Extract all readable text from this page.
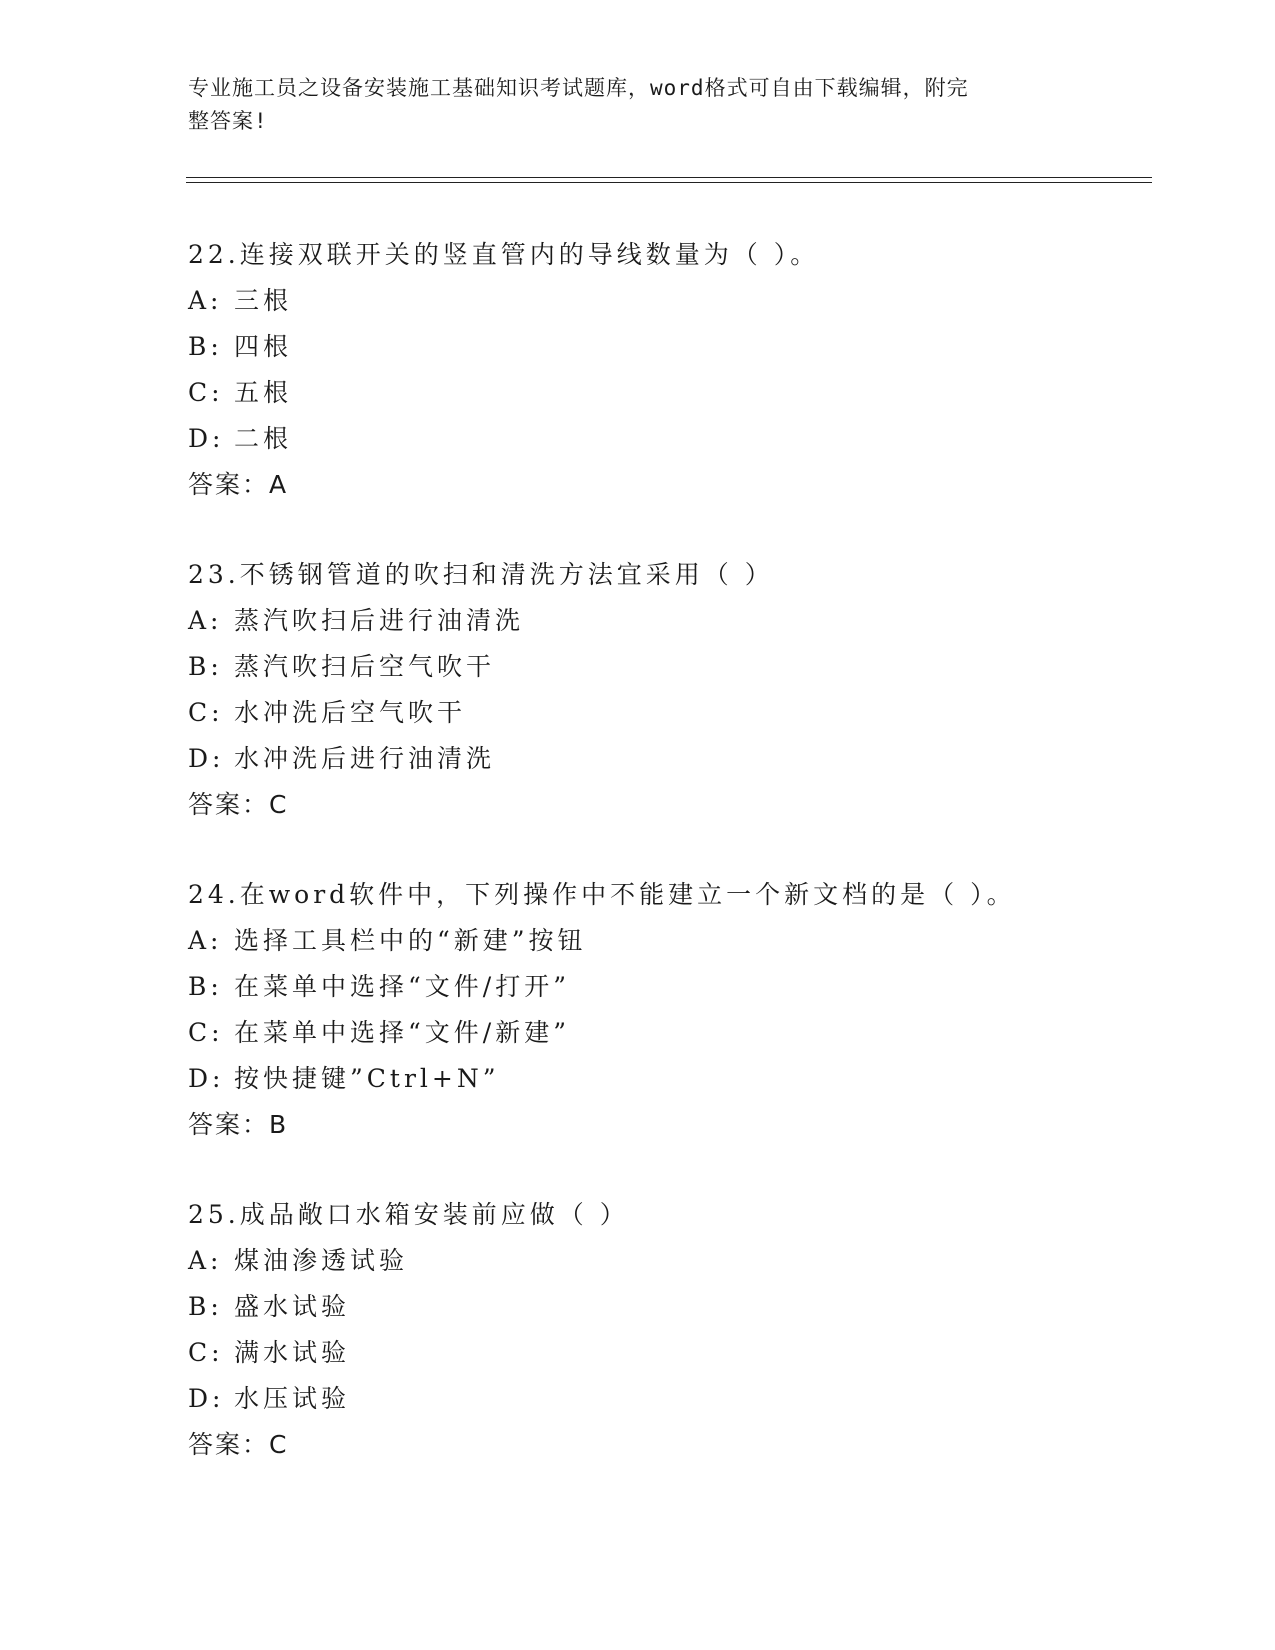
专业施工员之设备安装施工基础知识考试题库，word格式可自由下载编辑，附完
整答案!
22.连接双联开关的竖直管内的导线数量为（ ）。
A: 三根
B: 四根
C: 五根
D: 二根
答案：A
23.不锈钢管道的吹扫和清洗方法宜采用（ ）
A: 蒸汽吹扫后进行油清洗
B: 蒸汽吹扫后空气吹干
C: 水冲洗后空气吹干
D: 水冲洗后进行油清洗
答案：C
24.在word软件中，下列操作中不能建立一个新文档的是（ ）。
A: 选择工具栏中的“新建”按钮
B: 在菜单中选择“文件/打开”
C: 在菜单中选择“文件/新建”
D: 按快捷键”Ctrl+N”
答案：B
25.成品敞口水箱安装前应做（ ）
A: 煤油渗透试验
B: 盛水试验
C: 满水试验
D: 水压试验
答案：C
